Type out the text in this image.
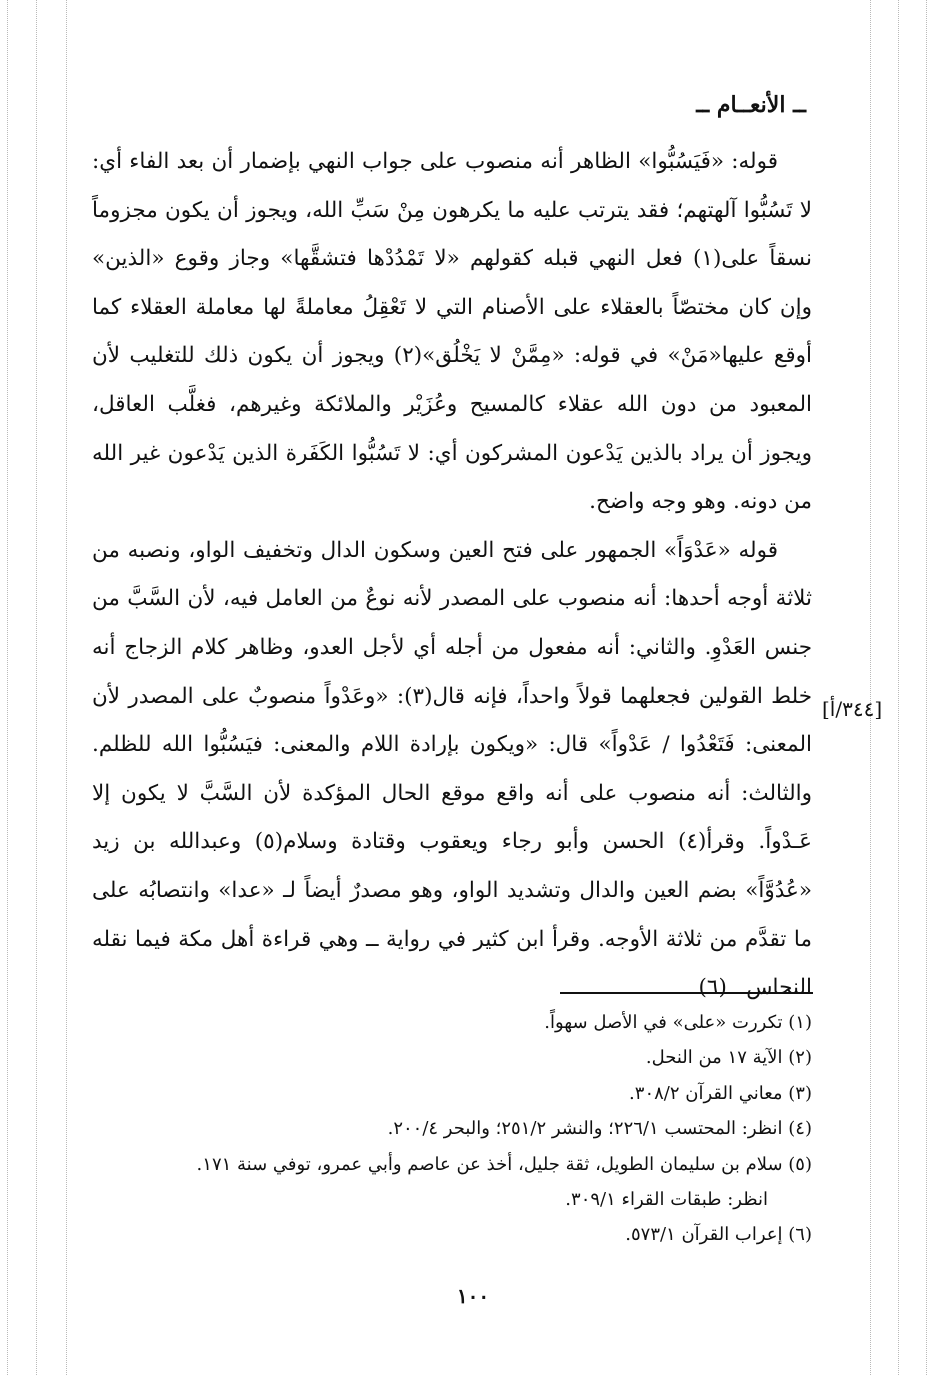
ــ الأنعــام ــ

قوله: «فَيَسُبُّوا» الظاهر أنه منصوب على جواب النهي بإضمار أن بعد الفاء أي: لا تَسُبُّوا آلهتهم؛ فقد يترتب عليه ما يكرهون مِنْ سَبِّ الله، ويجوز أن يكون مجزوماً نسقاً على(١) فعل النهي قبله كقولهم «لا تَمْدُدْها فتشقَّها» وجاز وقوع «الذين» وإن كان مختصّاً بالعقلاء على الأصنام التي لا تَعْقِلُ معاملةً لها معاملة العقلاء كما أوقع عليها«مَنْ» في قوله: «مِمَّنْ لا يَخْلُق»(٢) ويجوز أن يكون ذلك للتغليب لأن المعبود من دون الله عقلاء كالمسيح وعُزَيْر والملائكة وغيرهم، فغلَّب العاقل، ويجوز أن يراد بالذين يَدْعون المشركون أي: لا تَسُبُّوا الكَفَرة الذين يَدْعون غير الله من دونه. وهو وجه واضح.

قوله «عَدْوَاً» الجمهور على فتح العين وسكون الدال وتخفيف الواو، ونصبه من ثلاثة أوجه أحدها: أنه منصوب على المصدر لأنه نوعٌ من العامل فيه، لأن السَّبَّ من جنس العَدْوِ. والثاني: أنه مفعول من أجله أي لأجل العدو، وظاهر كلام الزجاج أنه خلط القولين فجعلهما قولاً واحداً، فإنه قال(٣): «وعَدْواً منصوبٌ على المصدر لأن المعنى: فَتَعْدُوا / عَدْواً» قال: «ويكون بإرادة اللام والمعنى: فيَسُبُّوا الله للظلم. والثالث: أنه منصوب على أنه واقع موقع الحال المؤكدة لأن السَّبَّ لا يكون إلا عَـدْواً. وقرأ(٤) الحسن وأبو رجاء ويعقوب وقتادة وسلام(٥) وعبدالله بن زيد «عُدُوَّاً» بضم العين والدال وتشديد الواو، وهو مصدرٌ أيضاً لـ «عدا» وانتصابُه على ما تقدَّم من ثلاثة الأوجه. وقرأ ابن كثير في رواية ــ وهي قراءة أهل مكة فيما نقله النحاس ــ(٦)

[٣٤٤/أ]

(١) تكررت «على» في الأصل سهواً.

(٢) الآية ١٧ من النحل.

(٣) معاني القرآن ٣٠٨/٢.

(٤) انظر: المحتسب ٢٢٦/١؛ والنشر ٢٥١/٢؛ والبحر ٢٠٠/٤.

(٥) سلام بن سليمان الطويل، ثقة جليل، أخذ عن عاصم وأبي عمرو، توفي سنة ١٧١.

انظر: طبقات القراء ٣٠٩/١.

(٦) إعراب القرآن ٥٧٣/١.

١٠٠
